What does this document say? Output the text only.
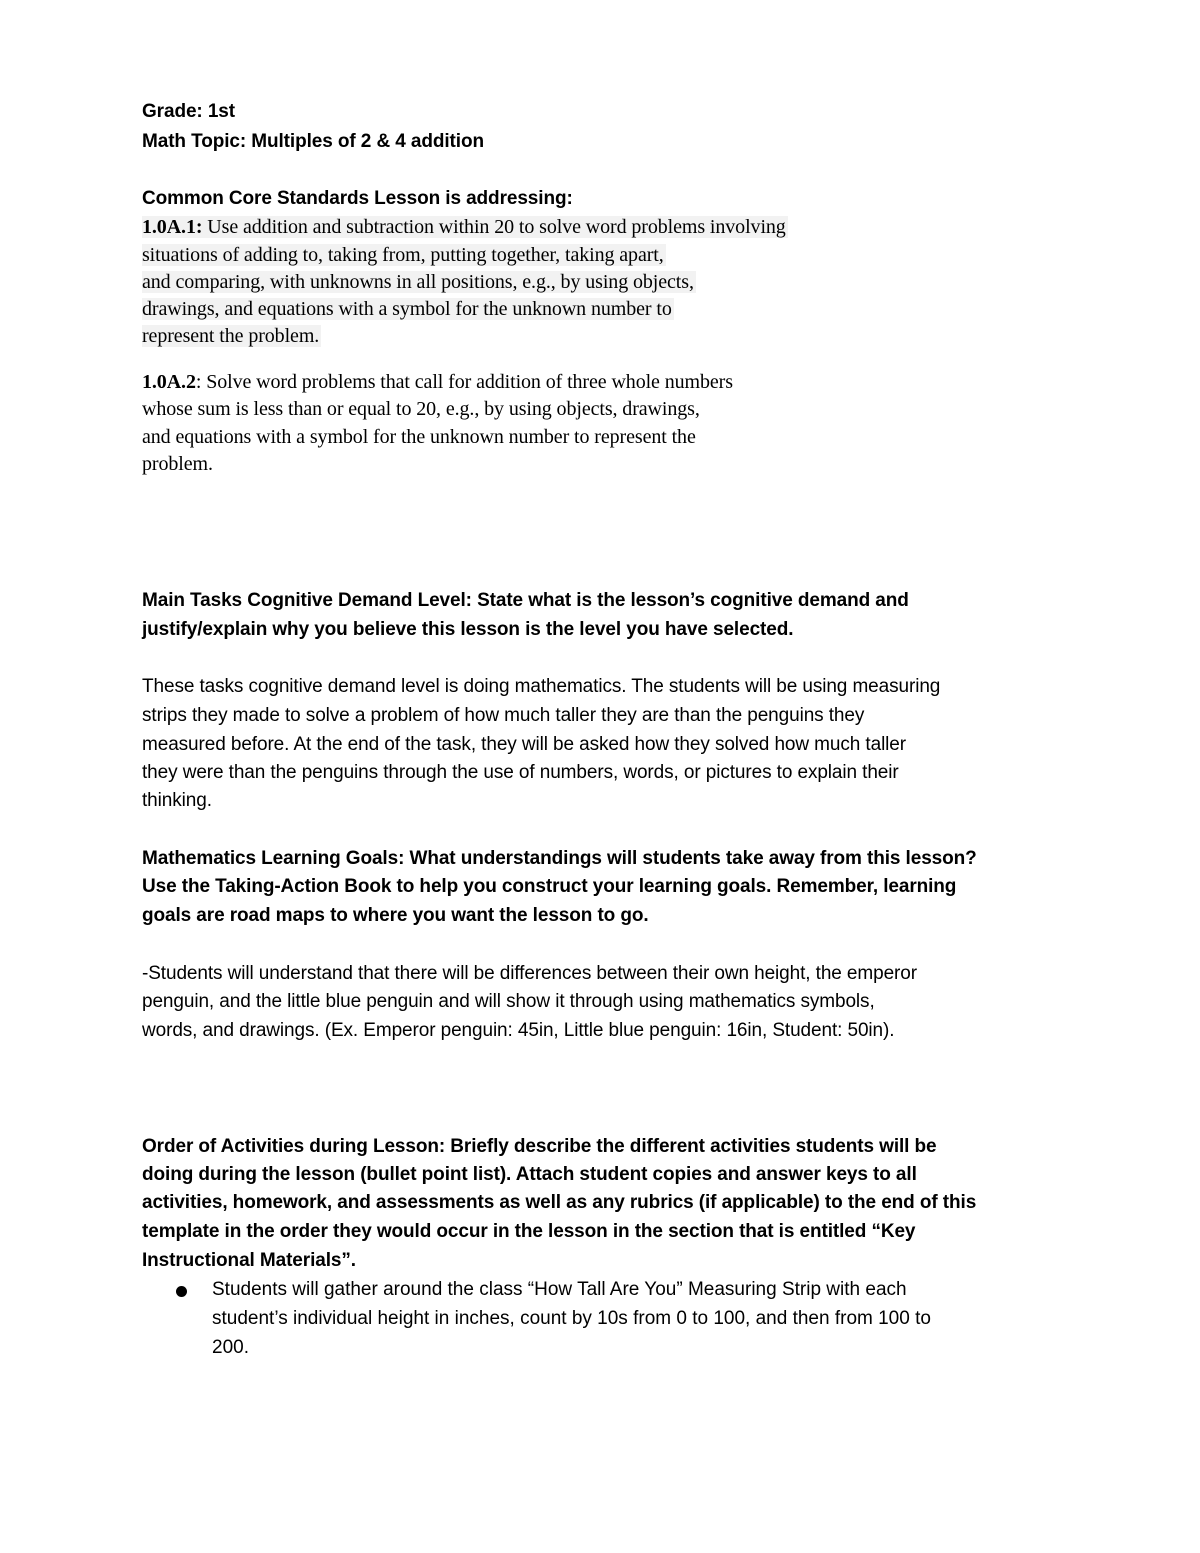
Grade: 1st
Math Topic: Multiples of 2 & 4 addition
Common Core Standards Lesson is addressing:
1.0A.1: Use addition and subtraction within 20 to solve word problems involving
situations of adding to, taking from, putting together, taking apart,
and comparing, with unknowns in all positions, e.g., by using objects,
drawings, and equations with a symbol for the unknown number to
represent the problem.
1.0A.2: Solve word problems that call for addition of three whole numbers
whose sum is less than or equal to 20, e.g., by using objects, drawings,
and equations with a symbol for the unknown number to represent the
problem.
Main Tasks Cognitive Demand Level: State what is the lesson’s cognitive demand and
justify/explain why you believe this lesson is the level you have selected.
These tasks cognitive demand level is doing mathematics. The students will be using measuring
strips they made to solve a problem of how much taller they are than the penguins they
measured before. At the end of the task, they will be asked how they solved how much taller
they were than the penguins through the use of numbers, words, or pictures to explain their
thinking.
Mathematics Learning Goals: What understandings will students take away from this lesson?
Use the Taking-Action Book to help you construct your learning goals. Remember, learning
goals are road maps to where you want the lesson to go.
-Students will understand that there will be differences between their own height, the emperor
penguin, and the little blue penguin and will show it through using mathematics symbols,
words, and drawings. (Ex. Emperor penguin: 45in, Little blue penguin: 16in, Student: 50in).
Order of Activities during Lesson: Briefly describe the different activities students will be
doing during the lesson (bullet point list). Attach student copies and answer keys to all
activities, homework, and assessments as well as any rubrics (if applicable) to the end of this
template in the order they would occur in the lesson in the section that is entitled “Key
Instructional Materials”.
Students will gather around the class “How Tall Are You” Measuring Strip with each
student’s individual height in inches, count by 10s from 0 to 100, and then from 100 to
200.
